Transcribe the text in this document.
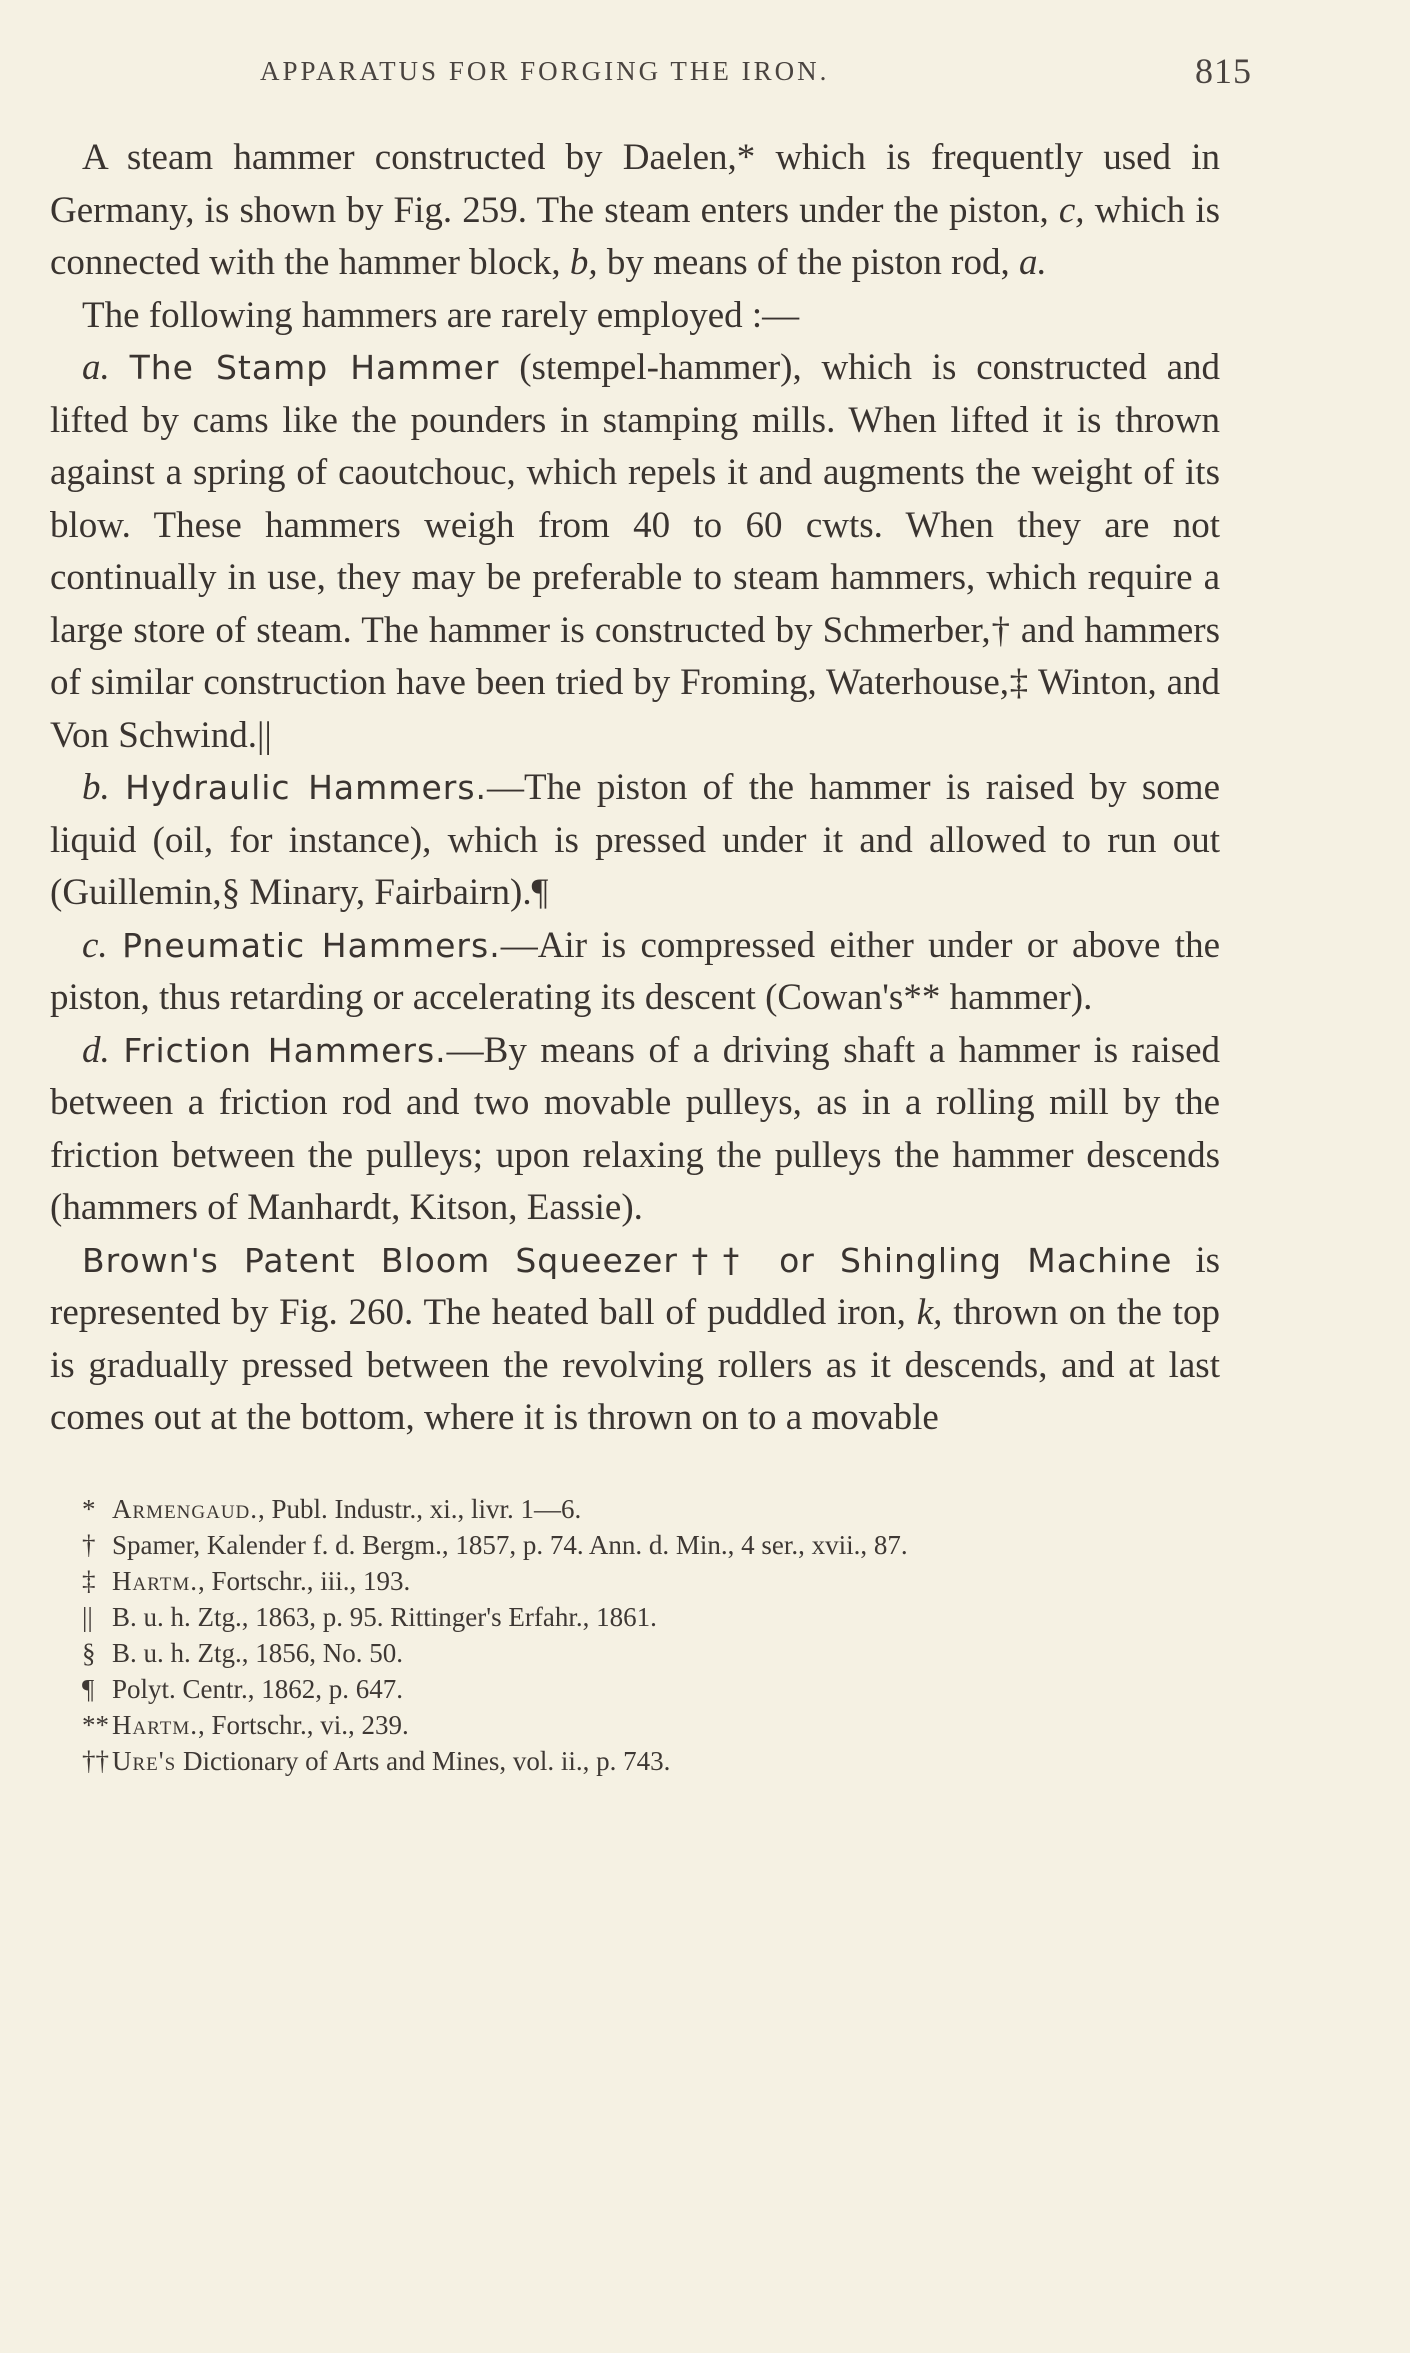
APPARATUS FOR FORGING THE IRON.	815

A steam hammer constructed by Daelen,* which is frequently used in Germany, is shown by Fig. 259. The steam enters under the piston, c, which is connected with the hammer block, b, by means of the piston rod, a.

The following hammers are rarely employed :—

a. The Stamp Hammer (stempel-hammer), which is constructed and lifted by cams like the pounders in stamping mills. When lifted it is thrown against a spring of caoutchouc, which repels it and augments the weight of its blow. These hammers weigh from 40 to 60 cwts. When they are not continually in use, they may be preferable to steam hammers, which require a large store of steam. The hammer is constructed by Schmerber,† and hammers of similar construction have been tried by Froming, Waterhouse,‡ Winton, and Von Schwind.||

b. Hydraulic Hammers.—The piston of the hammer is raised by some liquid (oil, for instance), which is pressed under it and allowed to run out (Guillemin,§ Minary, Fairbairn).¶

c. Pneumatic Hammers.—Air is compressed either under or above the piston, thus retarding or accelerating its descent (Cowan's** hammer).

d. Friction Hammers.—By means of a driving shaft a hammer is raised between a friction rod and two movable pulleys, as in a rolling mill by the friction between the pulleys; upon relaxing the pulleys the hammer descends (hammers of Manhardt, Kitson, Eassie).

Brown's Patent Bloom Squeezer†† or Shingling Machine is represented by Fig. 260. The heated ball of puddled iron, k, thrown on the top is gradually pressed between the revolving rollers as it descends, and at last comes out at the bottom, where it is thrown on to a movable

* Armengaud., Publ. Industr., xi., livr. 1—6.
† Spamer, Kalender f. d. Bergm., 1857, p. 74. Ann. d. Min., 4 ser., xvii., 87.
‡ Hartm., Fortschr., iii., 193.
|| B. u. h. Ztg., 1863, p. 95. Rittinger's Erfahr., 1861.
§ B. u. h. Ztg., 1856, No. 50.
¶ Polyt. Centr., 1862, p. 647.
** Hartm., Fortschr., vi., 239.
†† Ure's Dictionary of Arts and Mines, vol. ii., p. 743.
